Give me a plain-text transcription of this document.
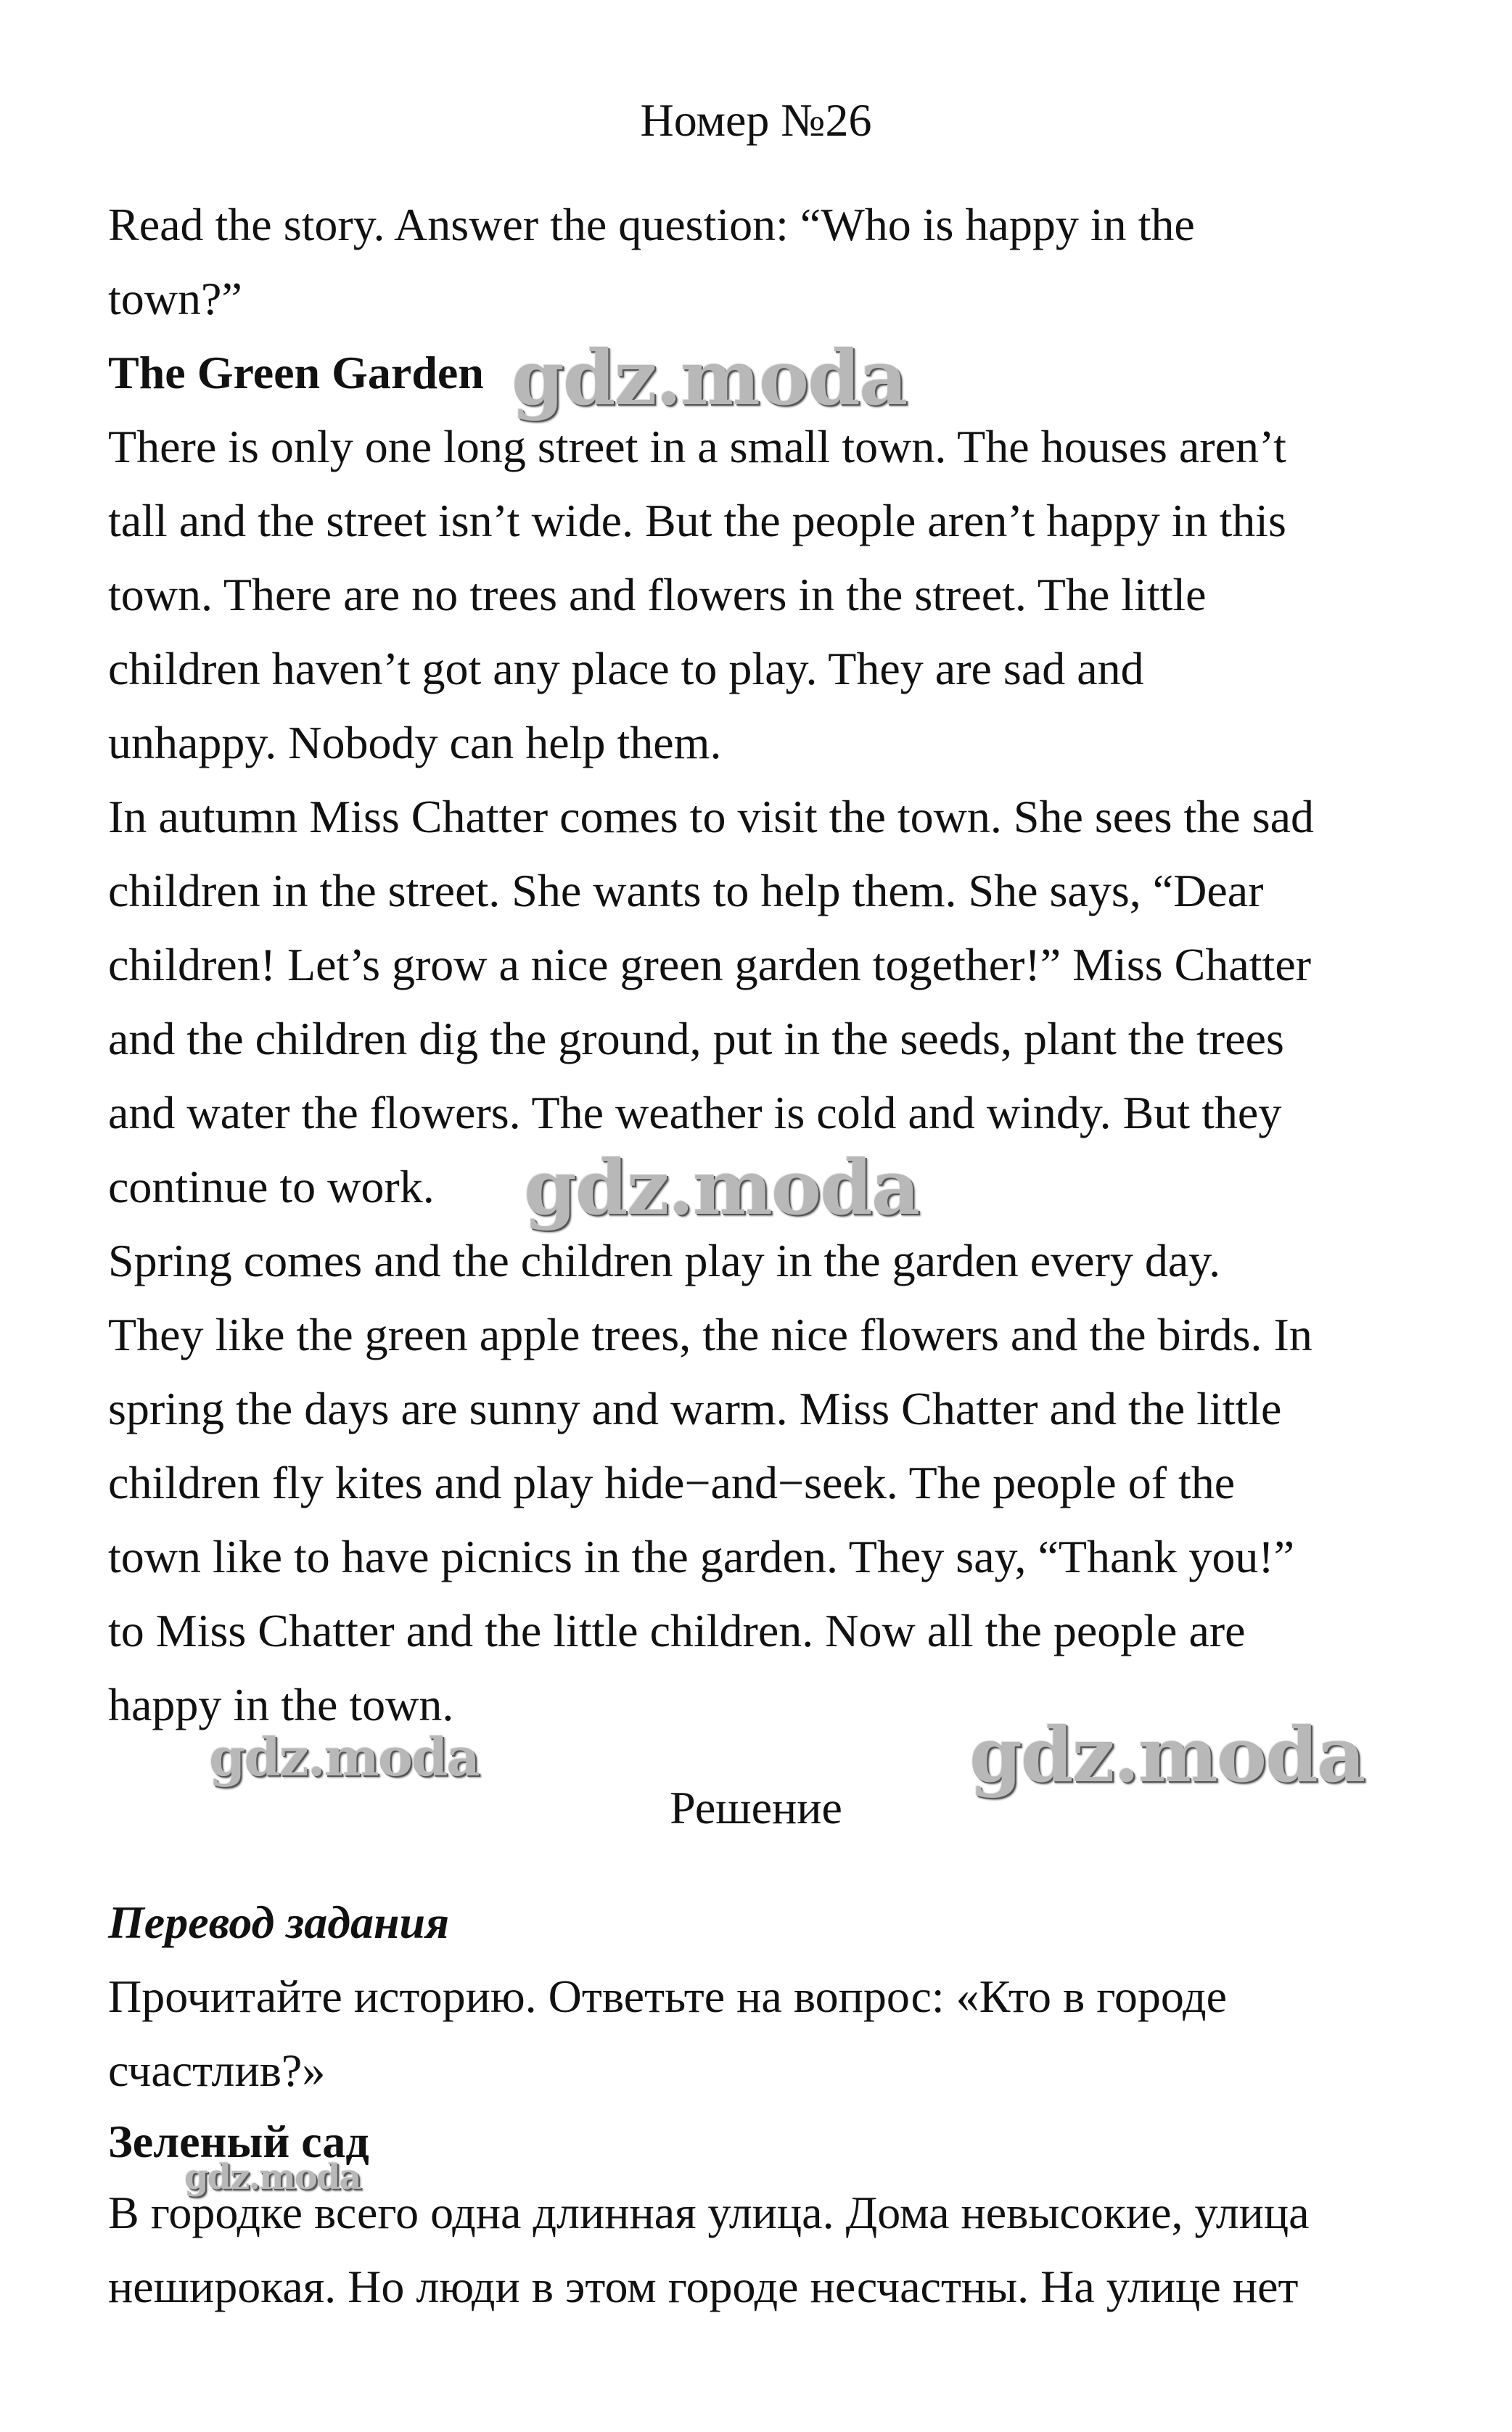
Номер №26
Read the story. Answer the question: “Who is happy in the
town?”
The Green Garden
There is only one long street in a small town. The houses aren’t
tall and the street isn’t wide. But the people aren’t happy in this
town. There are no trees and flowers in the street. The little
children haven’t got any place to play. They are sad and
unhappy. Nobody can help them.
In autumn Miss Chatter comes to visit the town. She sees the sad
children in the street. She wants to help them. She says, “Dear
children! Let’s grow a nice green garden together!” Miss Chatter
and the children dig the ground, put in the seeds, plant the trees
and water the flowers. The weather is cold and windy. But they
continue to work.
Spring comes and the children play in the garden every day.
They like the green apple trees, the nice flowers and the birds. In
spring the days are sunny and warm. Miss Chatter and the little
children fly kites and play hide−and−seek. The people of the
town like to have picnics in the garden. They say, “Thank you!”
to Miss Chatter and the little children. Now all the people are
happy in the town.
Решение
Перевод задания
Прочитайте историю. Ответьте на вопрос: «Кто в городе
счастлив?»
Зеленый сад
В городке всего одна длинная улица. Дома невысокие, улица
неширокая. Но люди в этом городе несчастны. На улице нет
gdz.moda
gdz.moda
gdz.moda	gdz.moda
gdz.moda
